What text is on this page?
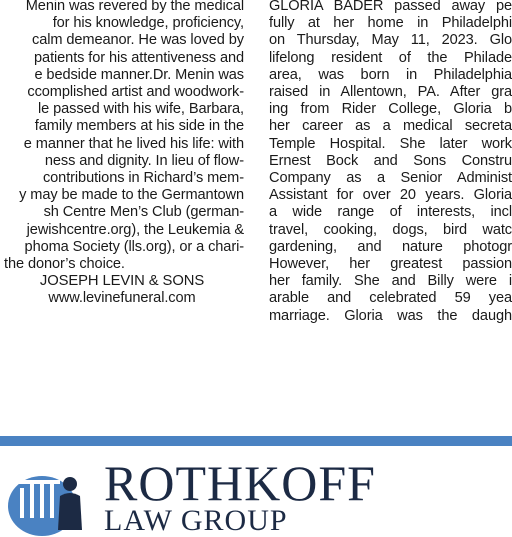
Menin was revered by the medical
for his knowledge, proficiency,
calm demeanor. He was loved by
patients for his attentiveness and
e bedside manner.Dr. Menin was
ccomplished artist and woodwork-
le passed with his wife, Barbara,
family members at his side in the
e manner that he lived his life: with
ness and dignity. In lieu of flow-
contributions in Richard’s mem-
y may be made to the Germantown
sh Centre Men’s Club (german-
jewishcentre.org), the Leukemia &
phoma Society (lls.org), or a chari-
the donor’s choice.
JOSEPH LEVIN & SONS
www.levinefuneral.com
GLORIA BADER passed away pe
fully at her home in Philadelphi
on Thursday, May 11, 2023. Glo
lifelong resident of the Philade
area, was born in Philadelphia
raised in Allentown, PA. After gra
ing from Rider College, Gloria b
her career as a medical secreta
Temple Hospital. She later work
Ernest Bock and Sons Constru
Company as a Senior Administ
Assistant for over 20 years. Gloria
a wide range of interests, incl
travel, cooking, dogs, bird watc
gardening, and nature photogr
However, her greatest passion
her family. She and Billy were i
arable and celebrated 59 yea
marriage. Gloria was the daugh
ROTHKOFF
LAW GROUP
